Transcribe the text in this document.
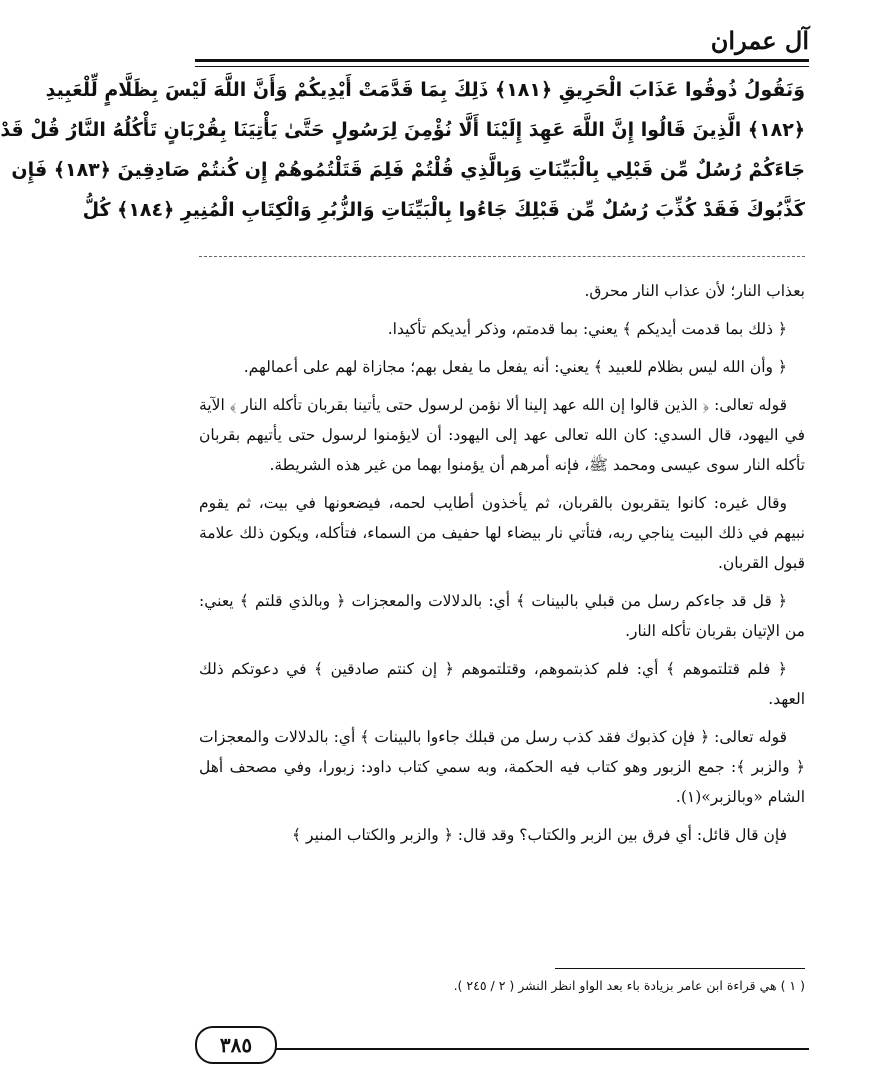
آل عمران
وَنَقُولُ ذُوقُوا عَذَابَ الْحَرِيقِ ﴿١٨١﴾ ذَلِكَ بِمَا قَدَّمَتْ أَيْدِيكُمْ وَأَنَّ اللَّهَ لَيْسَ بِظَلَّامٍ لِّلْعَبِيدِ
﴿١٨٢﴾ الَّذِينَ قَالُوا إِنَّ اللَّهَ عَهِدَ إِلَيْنَا أَلَّا نُؤْمِنَ لِرَسُولٍ حَتَّىٰ يَأْتِيَنَا بِقُرْبَانٍ تَأْكُلُهُ النَّارُ قُلْ قَدْ
جَاءَكُمْ رُسُلٌ مِّن قَبْلِي بِالْبَيِّنَاتِ وَبِالَّذِي قُلْتُمْ فَلِمَ قَتَلْتُمُوهُمْ إِن كُنتُمْ صَادِقِينَ ﴿١٨٣﴾ فَإِن
كَذَّبُوكَ فَقَدْ كُذِّبَ رُسُلٌ مِّن قَبْلِكَ جَاءُوا بِالْبَيِّنَاتِ وَالزُّبُرِ وَالْكِتَابِ الْمُنِيرِ ﴿١٨٤﴾ كُلُّ

بعذاب النار؛ لأن عذاب النار محرق.

﴿ ذلك بما قدمت أيديكم ﴾ يعني: بما قدمتم، وذكر أيديكم تأكيدا.

﴿ وأن الله ليس بظلام للعبيد ﴾ يعني: أنه يفعل ما يفعل بهم؛ مجازاة لهم على أعمالهم.

قوله تعالى: ﴿ الذين قالوا إن الله عهد إلينا ألا نؤمن لرسول حتى يأتينا بقربان تأكله النار ﴾ الآية في اليهود، قال السدي: كان الله تعالى عهد إلى اليهود: أن لايؤمنوا لرسول حتى يأتيهم بقربان تأكله النار سوى عيسى ومحمد ﷺ، فإنه أمرهم أن يؤمنوا بهما من غير هذه الشريطة.

وقال غيره: كانوا يتقربون بالقربان، ثم يأخذون أطايب لحمه، فيضعونها في بيت، ثم يقوم نبيهم في ذلك البيت يناجي ربه، فتأتي نار بيضاء لها حفيف من السماء، فتأكله، ويكون ذلك علامة قبول القربان.

﴿ قل قد جاءكم رسل من قبلي بالبينات ﴾ أي: بالدلالات والمعجزات ﴿ وبالذي قلتم ﴾ يعني: من الإتيان بقربان تأكله النار.

﴿ فلم قتلتموهم ﴾ أي: فلم كذبتموهم، وقتلتموهم ﴿ إن كنتم صادقين ﴾ في دعوتكم ذلك العهد.

قوله تعالى: ﴿ فإن كذبوك فقد كذب رسل من قبلك جاءوا بالبينات ﴾ أي: بالدلالات والمعجزات ﴿ والزبر ﴾: جمع الزبور وهو كتاب فيه الحكمة، وبه سمي كتاب داود: زبورا، وفي مصحف أهل الشام «وبالزبر»(١).

فإن قال قائل: أي فرق بين الزبر والكتاب؟ وقد قال: ﴿ والزبر والكتاب المنير ﴾

( ١ ) هي قراءة ابن عامر بزيادة باء بعد الواو انظر النشر ( ٢ / ٢٤٥ ).
٣٨٥
